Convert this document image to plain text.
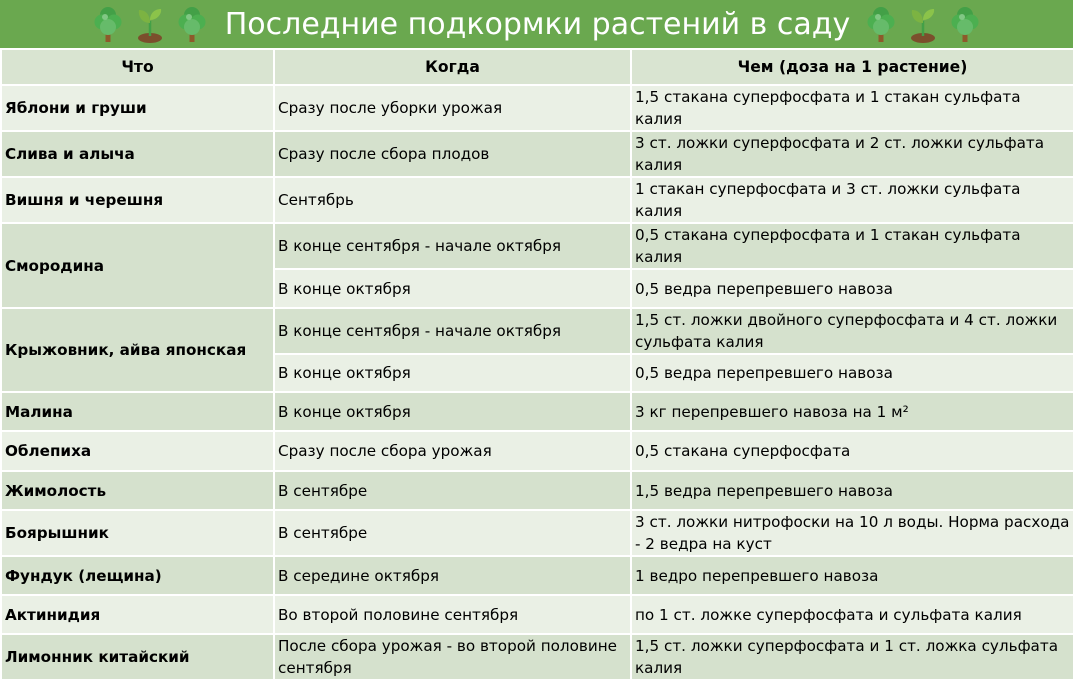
Последние подкормки растений в саду
Что	Когда	Чем (доза на 1 растение)
Яблони и груши	Сразу после уборки урожая	1,5 стакана суперфосфата и 1 стакан сульфата калия
Слива и алыча	Сразу после сбора плодов	3 ст. ложки суперфосфата и 2 ст. ложки сульфата калия
Вишня и черешня	Сентябрь	1 стакан суперфосфата и 3 ст. ложки сульфата калия
Смородина	В конце сентября - начале октября	0,5 стакана суперфосфата и 1 стакан сульфата калия
	В конце октября	0,5 ведра перепревшего навоза
Крыжовник, айва японская	В конце сентября - начале октября	1,5 ст. ложки двойного суперфосфата и 4 ст. ложки сульфата калия
	В конце октября	0,5 ведра перепревшего навоза
Малина	В конце октября	3 кг перепревшего навоза на 1 м²
Облепиха	Сразу после сбора урожая	0,5 стакана суперфосфата
Жимолость	В сентябре	1,5 ведра перепревшего навоза
Боярышник	В сентябре	3 ст. ложки нитрофоски на 10 л воды. Норма расхода - 2 ведра на куст
Фундук (лещина)	В середине октября	1 ведро перепревшего навоза
Актинидия	Во второй половине сентября	по 1 ст. ложке суперфосфата и сульфата калия
Лимонник китайский	После сбора урожая - во второй половине сентября	1,5 ст. ложки суперфосфата и 1 ст. ложка сульфата калия
